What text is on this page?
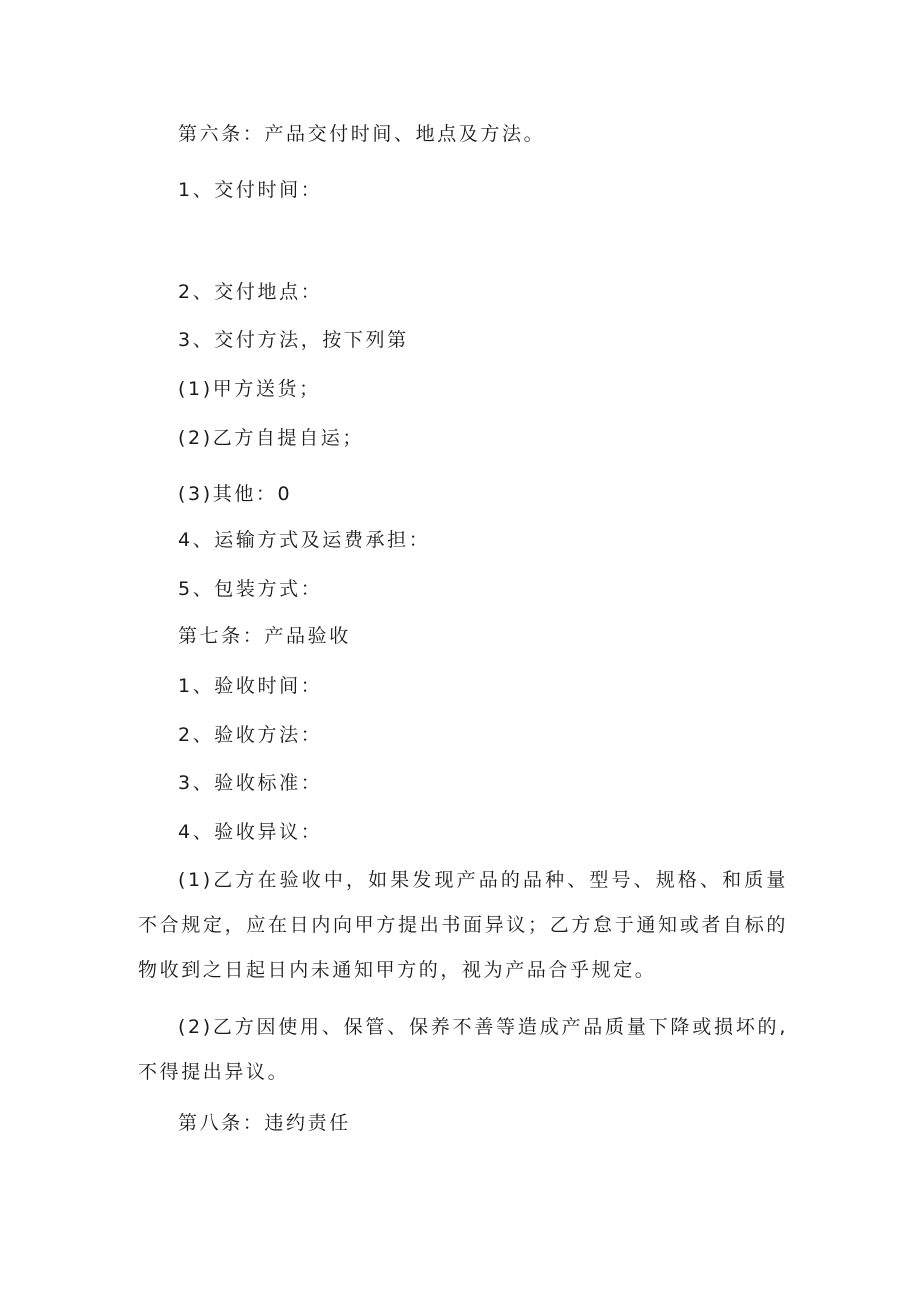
第六条：产品交付时间、地点及方法。
1、交付时间：
2、交付地点：
3、交付方法，按下列第
(1)甲方送货；
(2)乙方自提自运；
(3)其他：0
4、运输方式及运费承担：
5、包装方式：
第七条：产品验收
1、验收时间：
2、验收方法：
3、验收标准：
4、验收异议：
(1)乙方在验收中，如果发现产品的品种、型号、规格、和质量不合规定，应在日内向甲方提出书面异议；乙方怠于通知或者自标的物收到之日起日内未通知甲方的，视为产品合乎规定。
(2)乙方因使用、保管、保养不善等造成产品质量下降或损坏的,不得提出异议。
第八条：违约责任
